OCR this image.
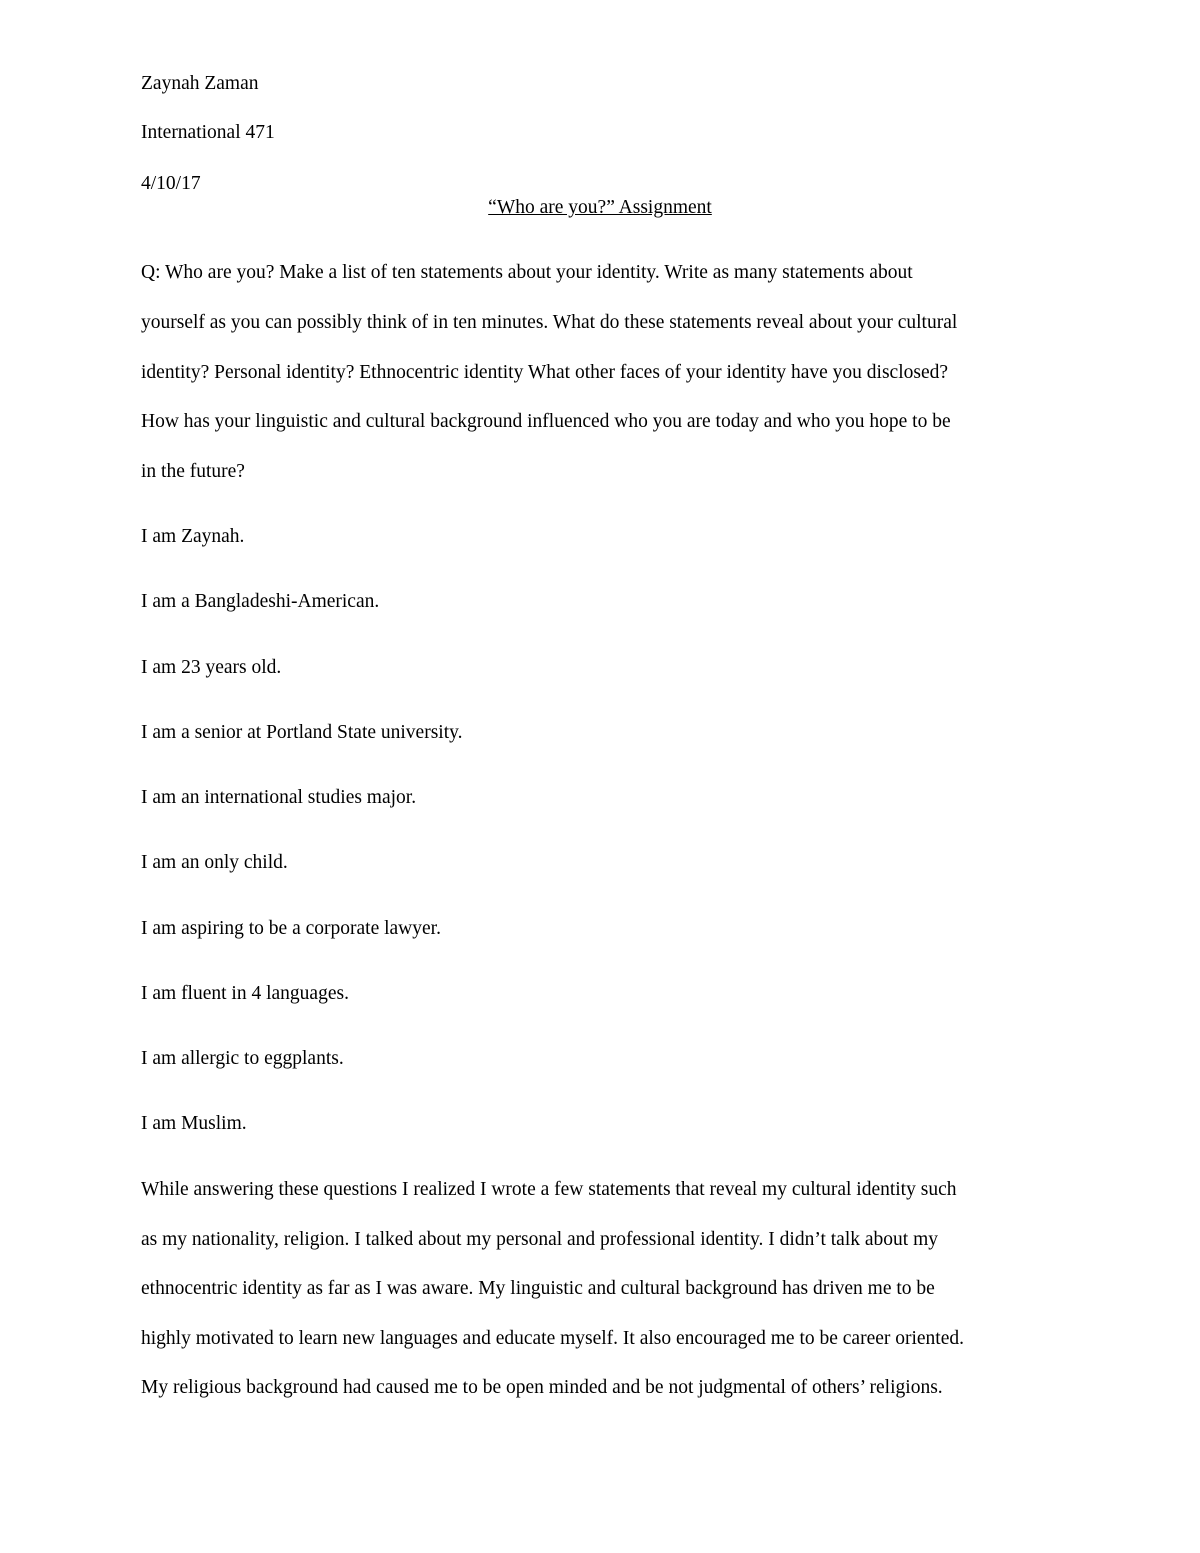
Zaynah Zaman

International 471

4/10/17

“Who are you?” Assignment

Q: Who are you? Make a list of ten statements about your identity. Write as many statements about

yourself as you can possibly think of in ten minutes. What do these statements reveal about your cultural

identity? Personal identity? Ethnocentric identity What other faces of your identity have you disclosed?

How has your linguistic and cultural background influenced who you are today and who you hope to be

in the future?

I am Zaynah.

I am a Bangladeshi-American.

I am 23 years old.

I am a senior at Portland State university.

I am an international studies major.

I am an only child.

I am aspiring to be a corporate lawyer.

I am fluent in 4 languages.

I am allergic to eggplants.

I am Muslim.

While answering these questions I realized I wrote a few statements that reveal my cultural identity such

as my nationality, religion. I talked about my personal and professional identity. I didn’t talk about my

ethnocentric identity as far as I was aware. My linguistic and cultural background has driven me to be

highly motivated to learn new languages and educate myself. It also encouraged me to be career oriented.

My religious background had caused me to be open minded and be not judgmental of others’ religions.
